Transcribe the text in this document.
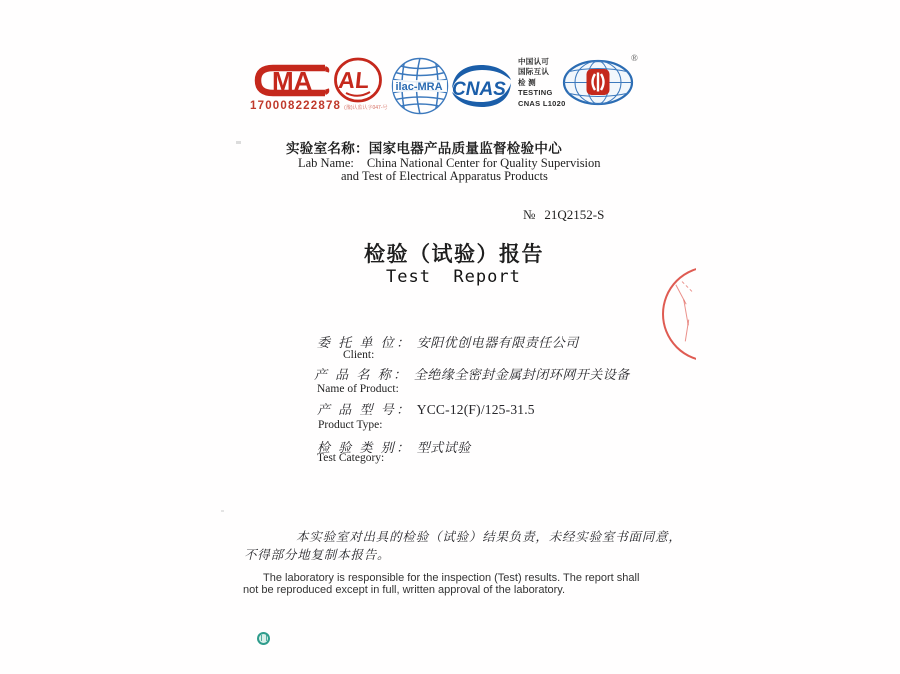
MA
170008222878 (豫)认监认字047-号
AL ilac-MRA CNAS
中国认可
国际互认
检 测
TESTING
CNAS L1020
®
实验室名称：国家电器产品质量监督检验中心
Lab Name: China National Center for Quality Supervision
and Test of Electrical Apparatus Products
№ 21Q2152-S
检验（试验）报告
Test  Report
委 托 单 位： 安阳优创电器有限责任公司
Client:
产 品 名 称： 全绝缘全密封金属封闭环网开关设备
Name of Product:
产 品 型 号： YCC-12(F)/125-31.5
Product Type:
检 验 类 别： 型式试验
Test Category:
本实验室对出具的检验（试验）结果负责，未经实验室书面同意，
不得部分地复制本报告。
The laboratory is responsible for the inspection (Test) results. The report shall
not be reproduced except in full, written approval of the laboratory.
